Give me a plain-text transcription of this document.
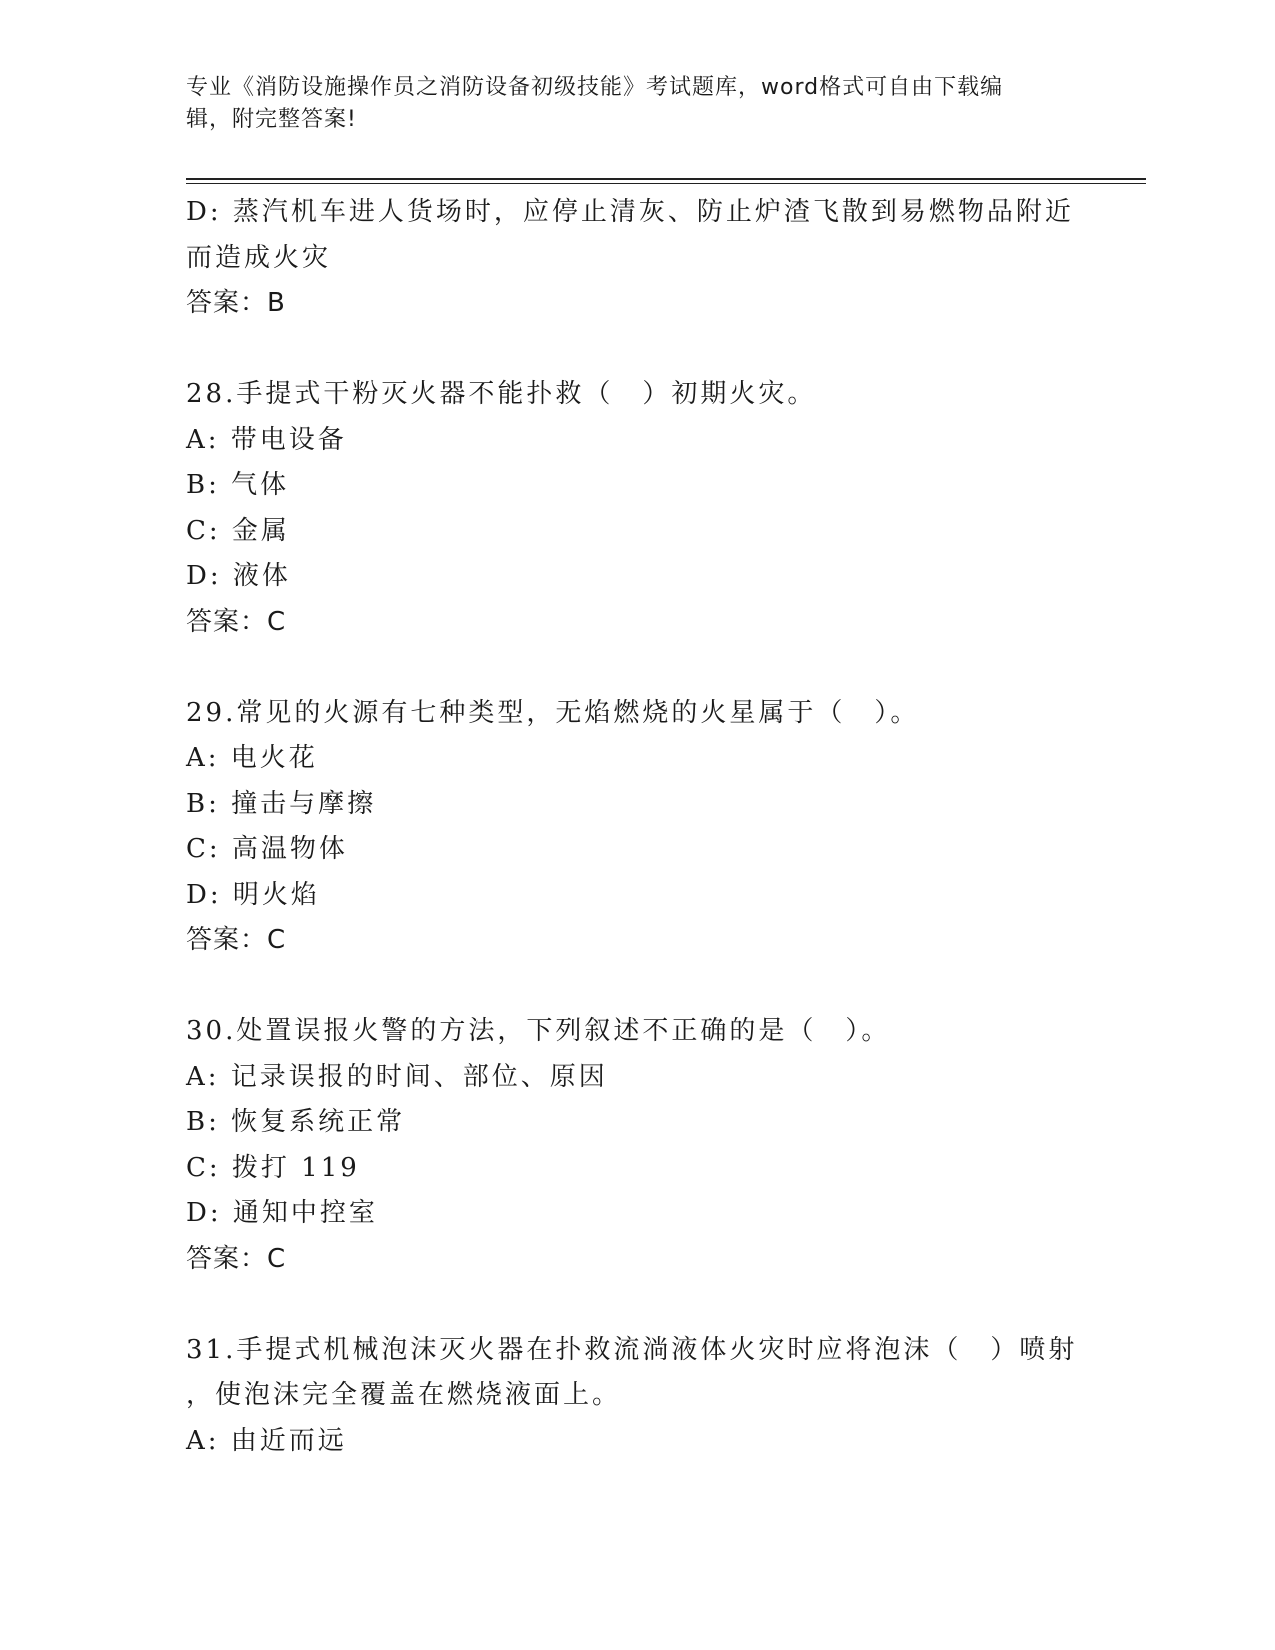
专业《消防设施操作员之消防设备初级技能》考试题库，word格式可自由下载编
辑，附完整答案!
D: 蒸汽机车进人货场时，应停止清灰、防止炉渣飞散到易燃物品附近
而造成火灾
答案：B
28.手提式干粉灭火器不能扑救（　）初期火灾。
A: 带电设备
B: 气体
C: 金属
D: 液体
答案：C
29.常见的火源有七种类型，无焰燃烧的火星属于（　）。
A: 电火花
B: 撞击与摩擦
C: 高温物体
D: 明火焰
答案：C
30.处置误报火警的方法，下列叙述不正确的是（　）。
A: 记录误报的时间、部位、原因
B: 恢复系统正常
C: 拨打 119
D: 通知中控室
答案：C
31.手提式机械泡沫灭火器在扑救流淌液体火灾时应将泡沫（　）喷射
，使泡沫完全覆盖在燃烧液面上。
A: 由近而远
